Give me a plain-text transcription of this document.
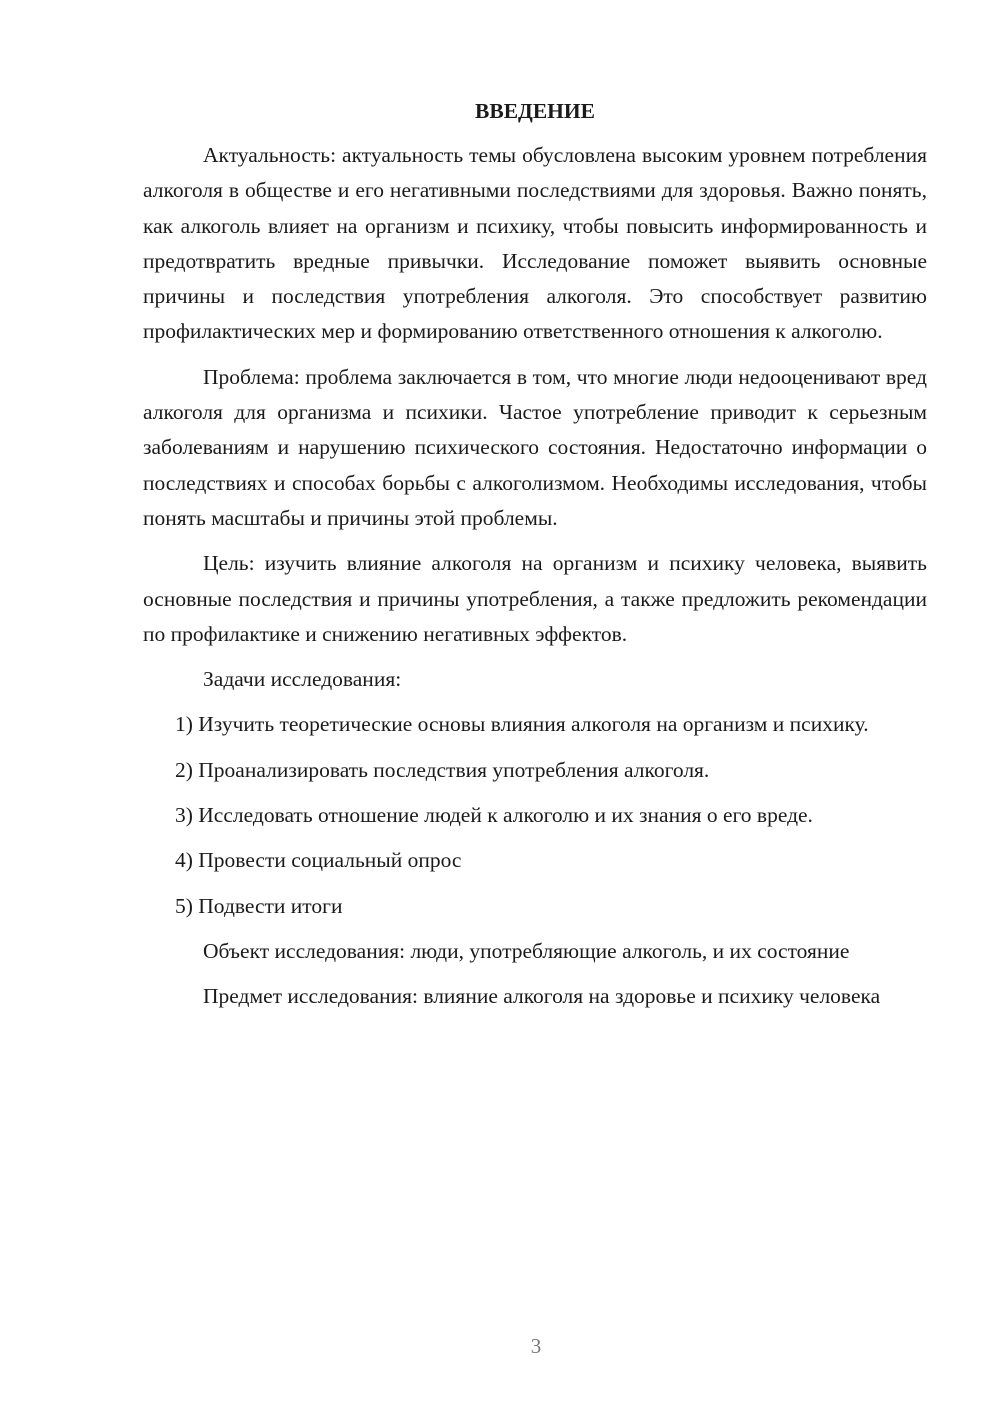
ВВЕДЕНИЕ

Актуальность: актуальность темы обусловлена высоким уровнем потребления алкоголя в обществе и его негативными последствиями для здоровья. Важно понять, как алкоголь влияет на организм и психику, чтобы повысить информированность и предотвратить вредные привычки. Исследование поможет выявить основные причины и последствия употребления алкоголя. Это способствует развитию профилактических мер и формированию ответственного отношения к алкоголю.

Проблема: проблема заключается в том, что многие люди недооценивают вред алкоголя для организма и психики. Частое употребление приводит к серьезным заболеваниям и нарушению психического состояния. Недостаточно информации о последствиях и способах борьбы с алкоголизмом. Необходимы исследования, чтобы понять масштабы и причины этой проблемы.

Цель: изучить влияние алкоголя на организм и психику человека, выявить основные последствия и причины употребления, а также предложить рекомендации по профилактике и снижению негативных эффектов.

Задачи исследования:

1) Изучить теоретические основы влияния алкоголя на организм и психику.

2) Проанализировать последствия употребления алкоголя.

3) Исследовать отношение людей к алкоголю и их знания о его вреде.

4) Провести социальный опрос

5) Подвести итоги

Объект исследования: люди, употребляющие алкоголь, и их состояние

Предмет исследования: влияние алкоголя на здоровье и психику человека

3
